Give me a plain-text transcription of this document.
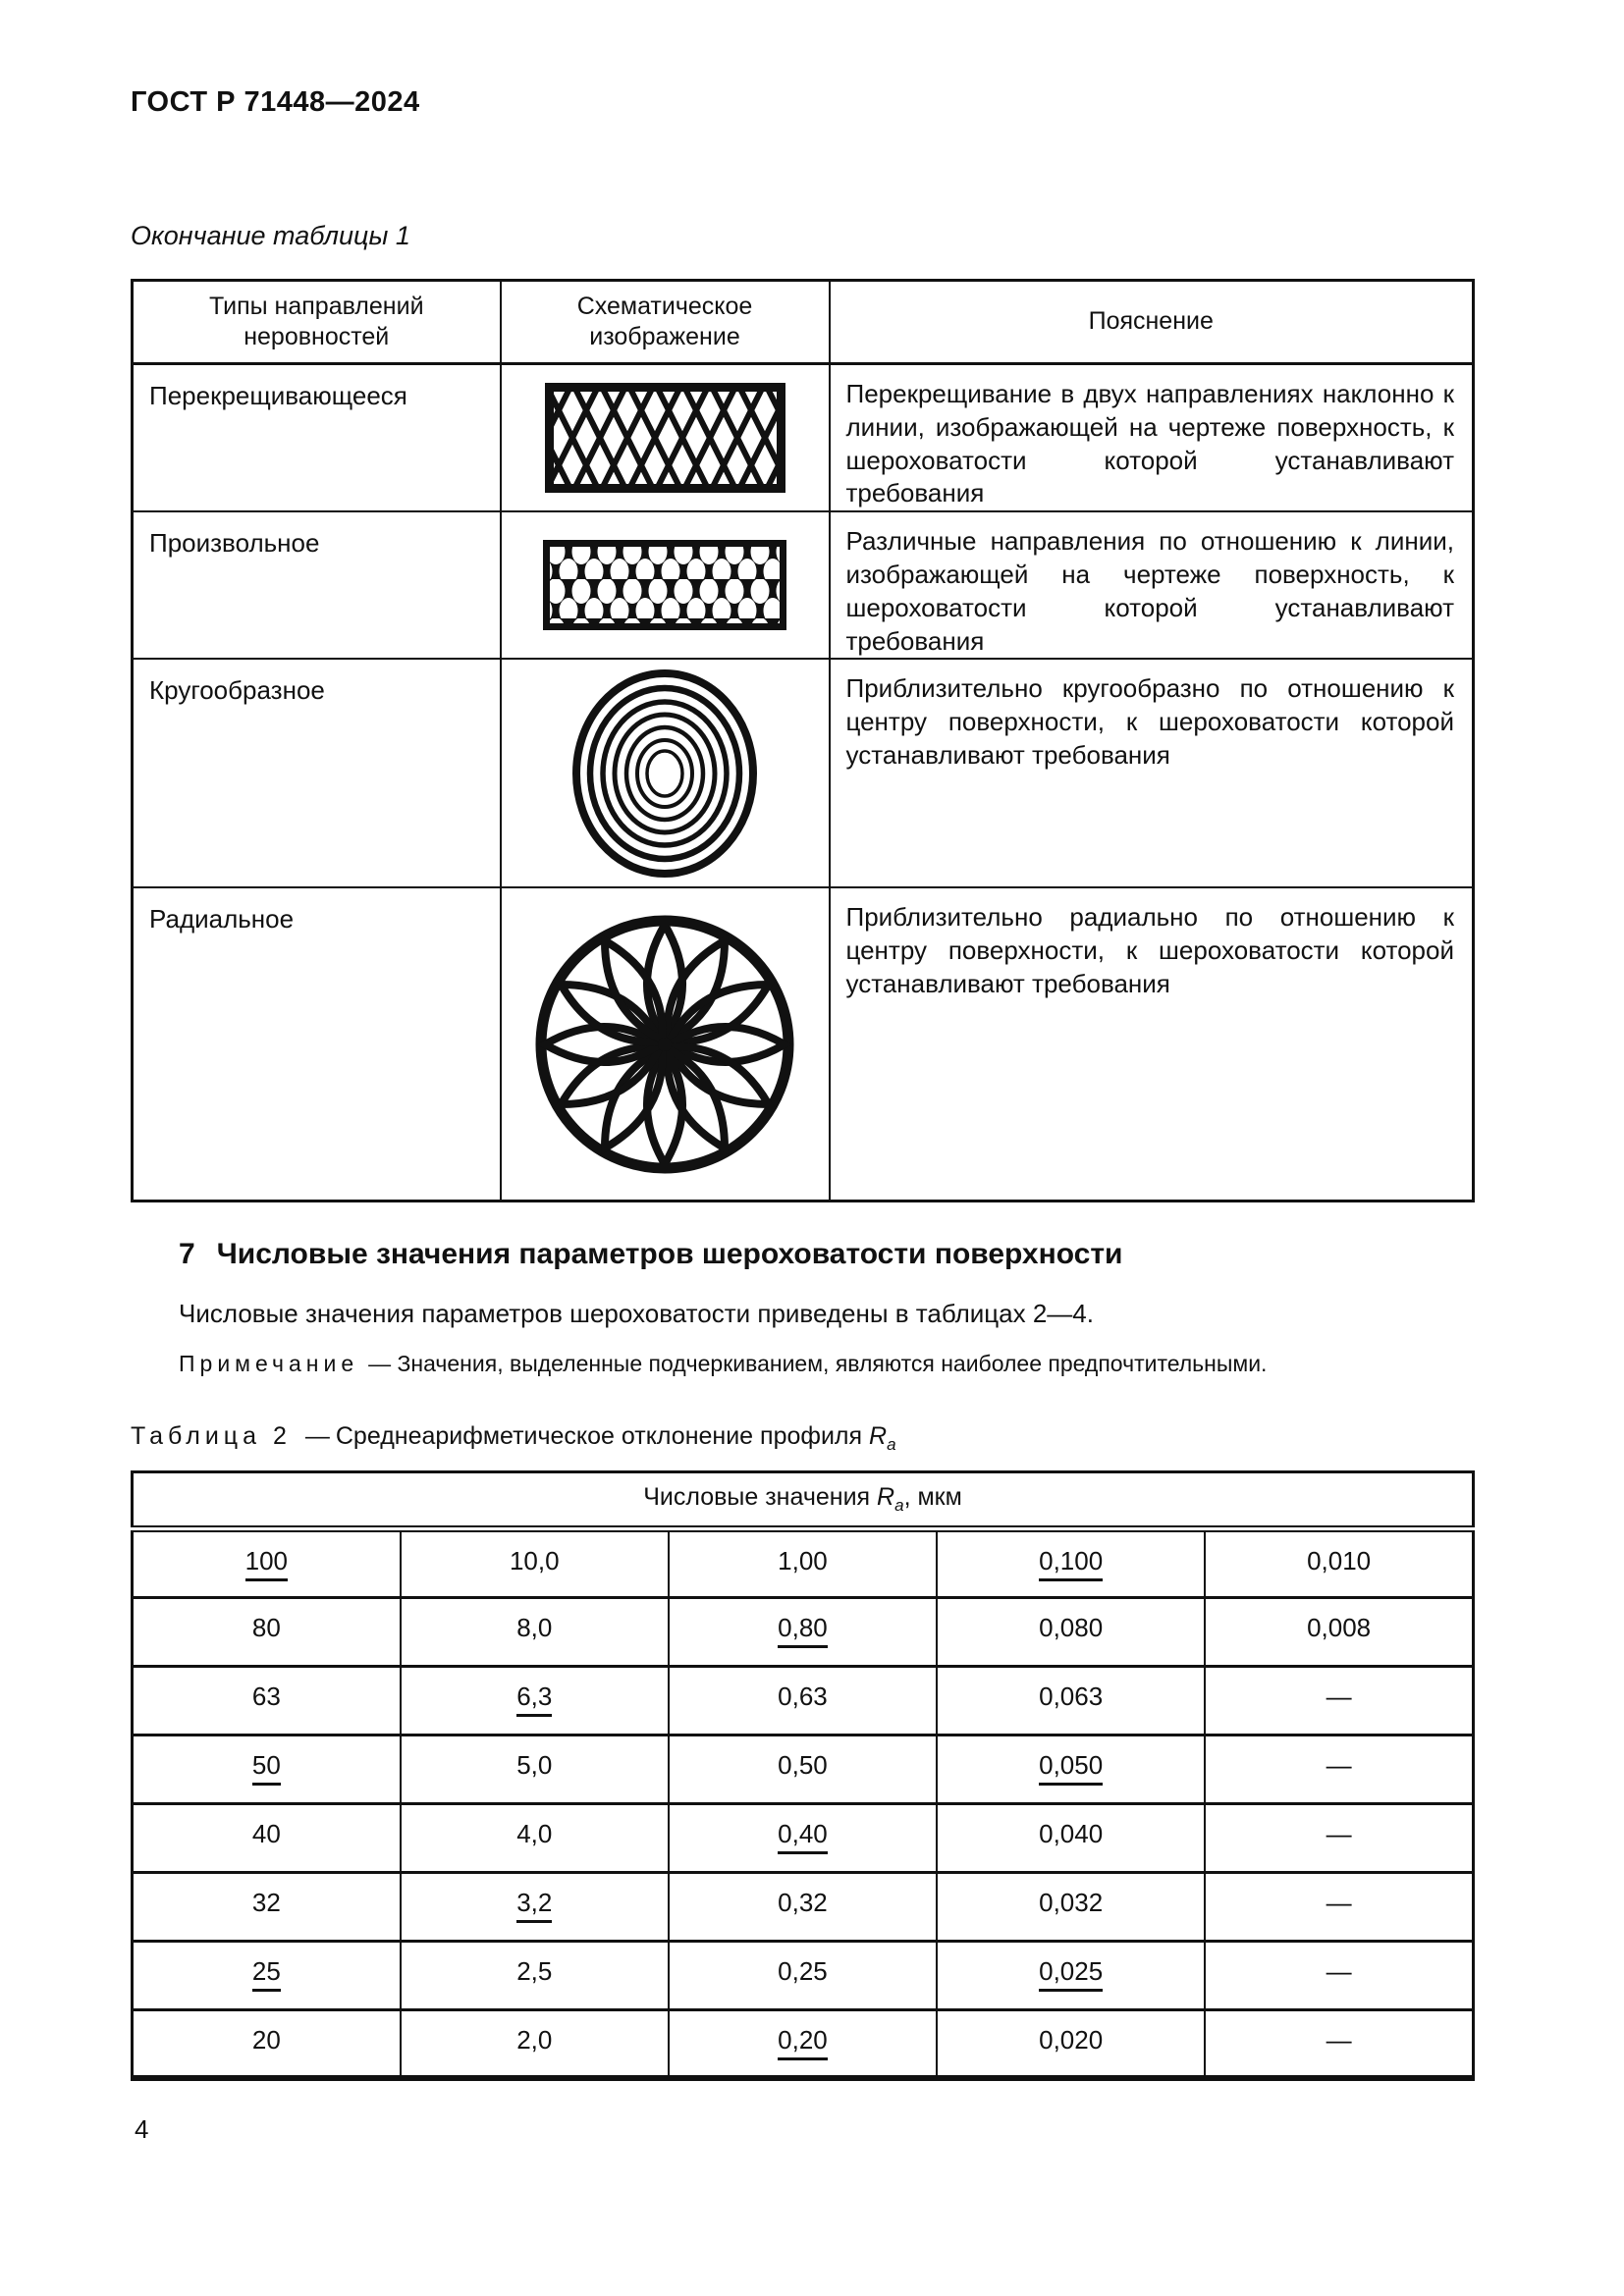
ГОСТ Р 71448—2024
Окончание таблицы 1
Типы направлений неровностей	Схематическое изображение	Пояснение
Перекрещивающееся		Перекрещивание в двух направлениях наклонно к линии, изображающей на чертеже поверхность, к шероховатости которой устанавливают требования
Произвольное		Различные направления по отношению к линии, изображающей на чертеже поверхность, к шероховатости которой устанавливают требования
Кругообразное		Приблизительно кругообразно по отношению к центру поверхности, к шероховатости которой устанавливают требования
Радиальное		Приблизительно радиально по отношению к центру поверхности, к шероховатости которой устанавливают требования
7 Числовые значения параметров шероховатости поверхности

Числовые значения параметров шероховатости приведены в таблицах 2—4.

Примечание — Значения, выделенные подчеркиванием, являются наиболее предпочтительными.

Таблица 2 — Среднеарифметическое отклонение профиля $R_a$
Числовые значения $R_a$, мкм				
100	10,0	1,00	0,100	0,010
80	8,0	0,80	0,080	0,008
63	6,3	0,63	0,063	—
50	5,0	0,50	0,050	—
40	4,0	0,40	0,040	—
32	3,2	0,32	0,032	—
25	2,5	0,25	0,025	—
20	2,0	0,20	0,020	—
4
